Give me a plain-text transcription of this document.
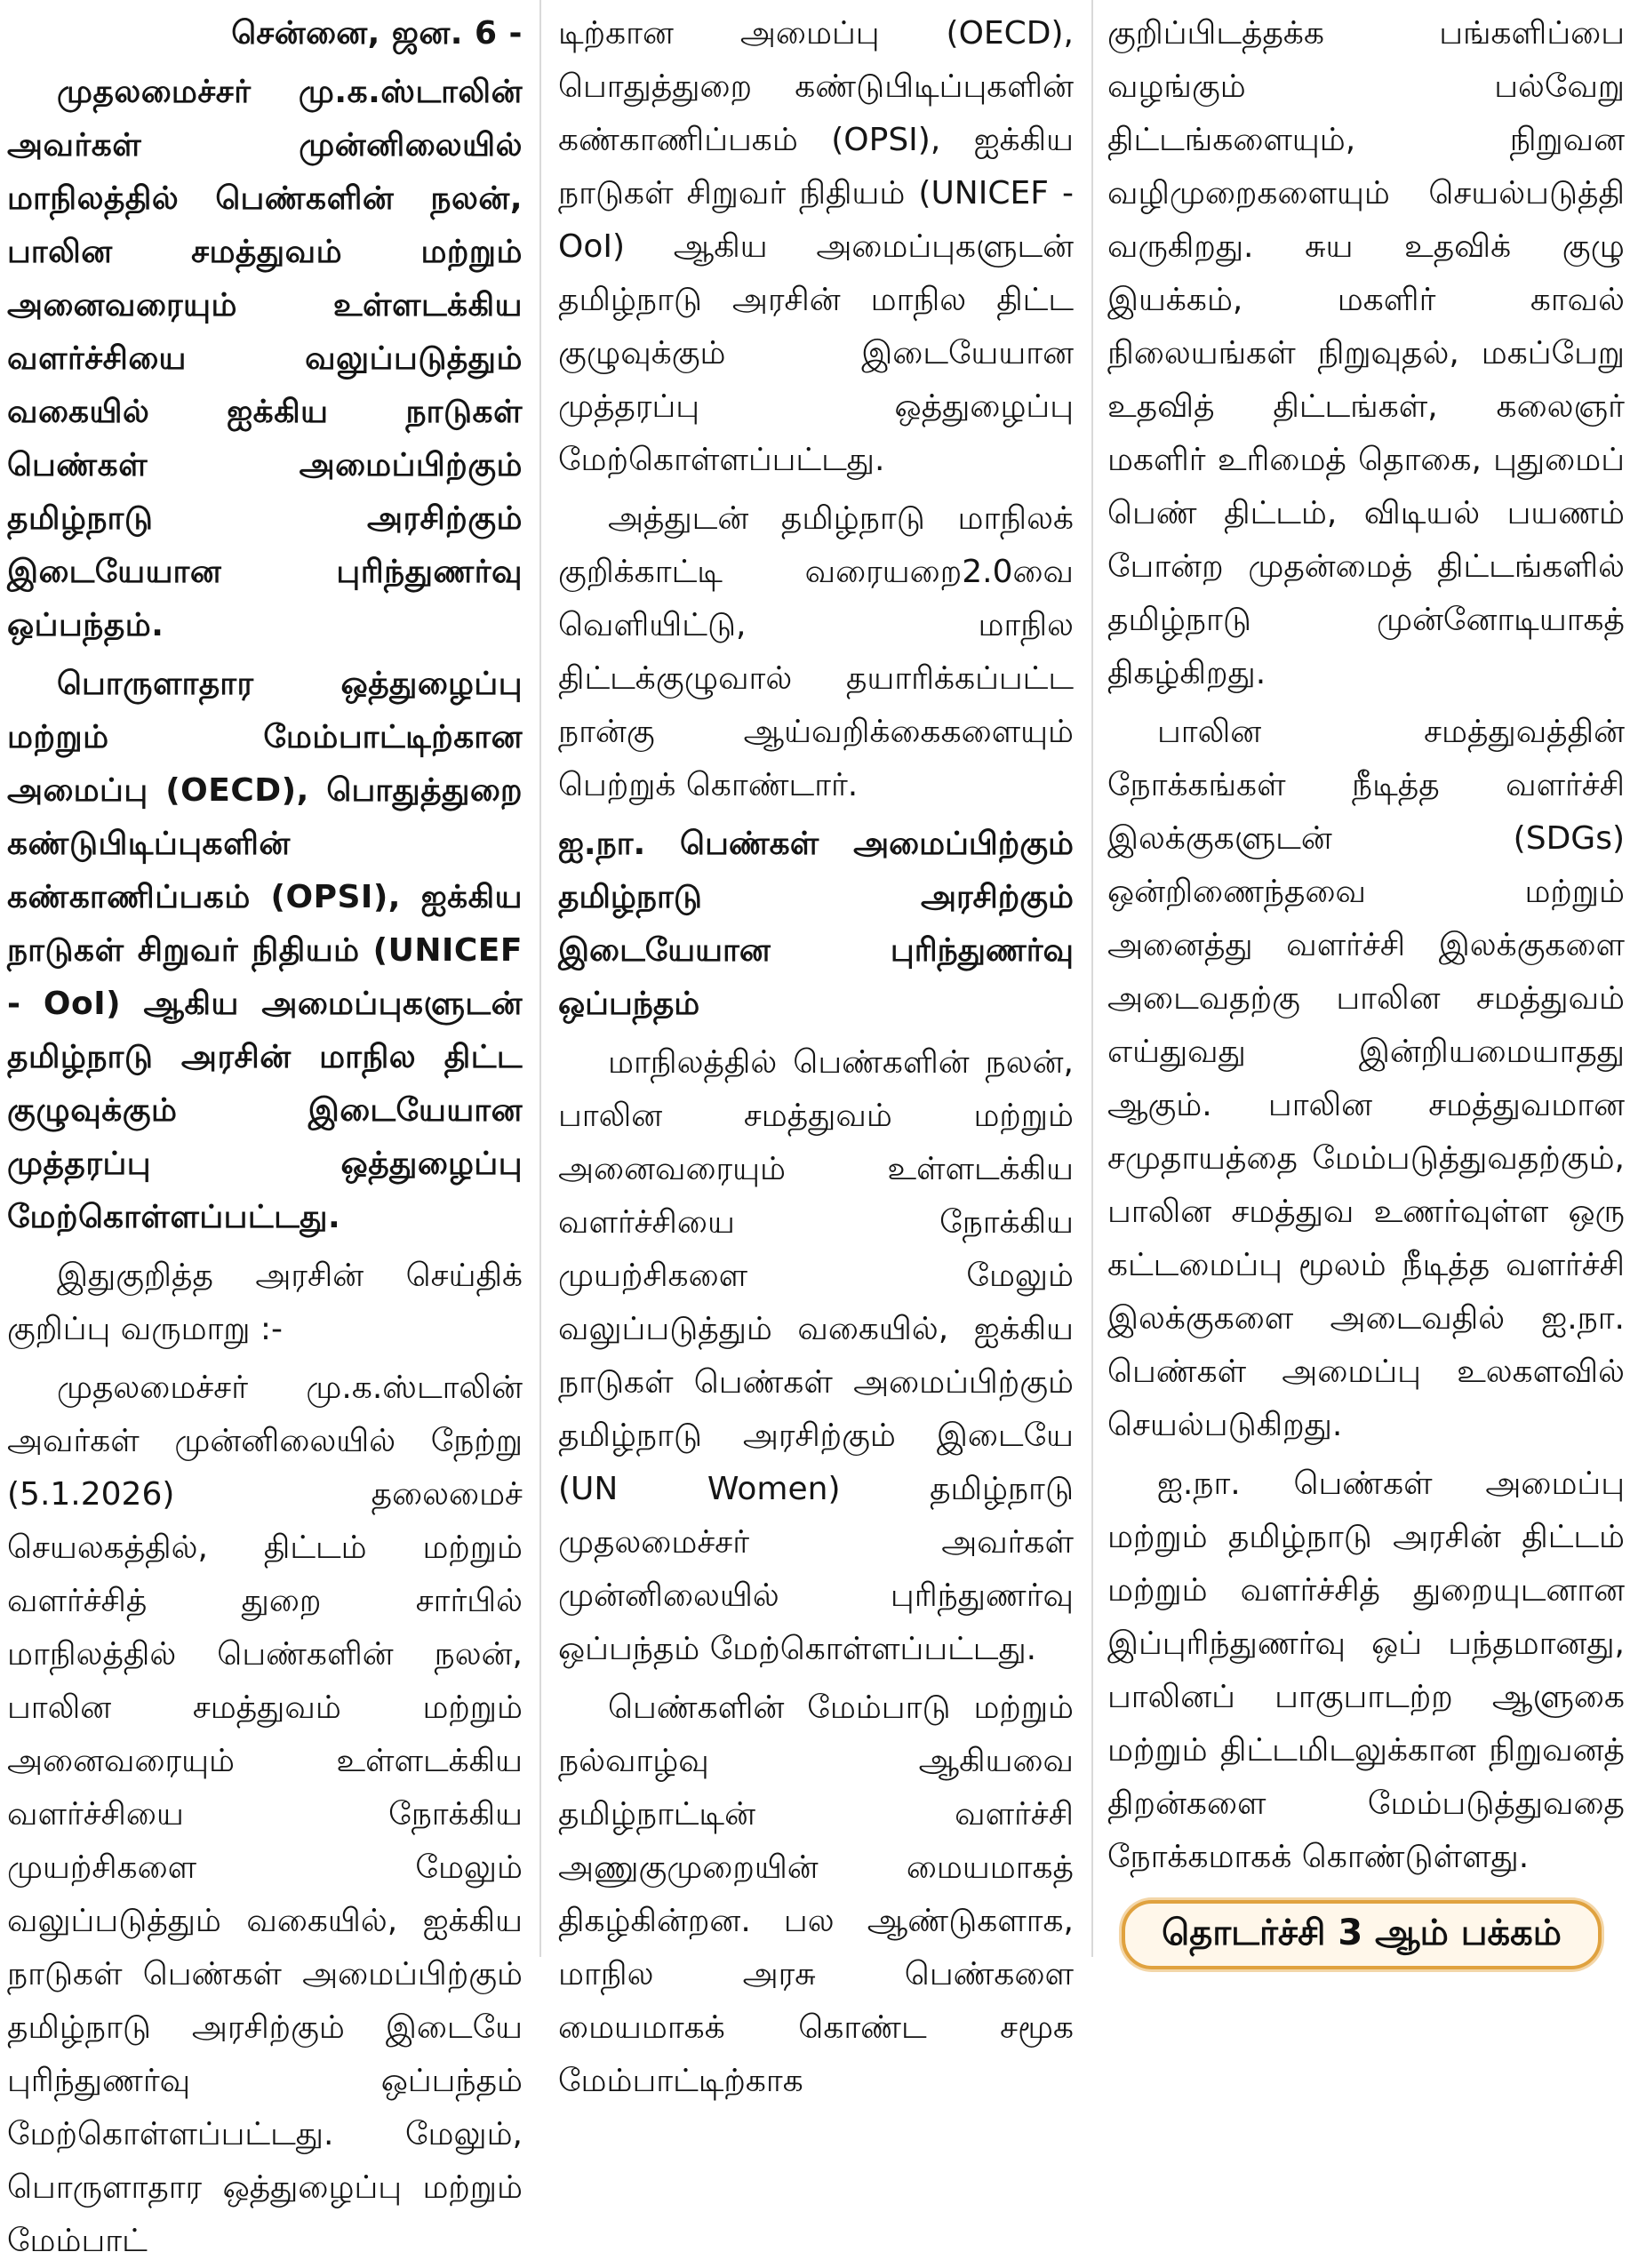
சென்னை, ஜன. 6 -

முதலமைச்சர் மு.க.ஸ்டாலின் அவர்கள் முன்னிலையில் மாநிலத்தில் பெண்களின் நலன், பாலின சமத்துவம் மற்றும் அனைவரையும் உள்ளடக்கிய வளர்ச்சியை வலுப்படுத்தும் வகையில் ஐக்கிய நாடுகள் பெண்கள் அமைப்பிற்கும் தமிழ்நாடு அரசிற்கும் இடையேயான புரிந்துணர்வு ஒப்பந்தம்.

பொருளாதார ஒத்துழைப்பு மற்றும் மேம்பாட்டிற்கான அமைப்பு (OECD), பொதுத்துறை கண்டுபிடிப்புகளின் கண்காணிப்பகம் (OPSI), ஐக்கிய நாடுகள் சிறுவர் நிதியம் (UNICEF - OoI) ஆகிய அமைப்புகளுடன் தமிழ்நாடு அரசின் மாநில திட்ட குழுவுக்கும் இடையேயான முத்தரப்பு ஒத்துழைப்பு மேற்கொள்ளப்பட்டது.

இதுகுறித்த அரசின் செய்திக் குறிப்பு வருமாறு :-

முதலமைச்சர் மு.க.ஸ்டாலின் அவர்கள் முன்னிலையில் நேற்று (5.1.2026) தலைமைச் செயலகத்தில், திட்டம் மற்றும் வளர்ச்சித் துறை சார்பில் மாநிலத்தில் பெண்களின் நலன், பாலின சமத்துவம் மற்றும் அனைவரையும் உள்ளடக்கிய வளர்ச்சியை நோக்கிய முயற்சிகளை மேலும் வலுப்படுத்தும் வகையில், ஐக்கிய நாடுகள் பெண்கள் அமைப்பிற்கும் தமிழ்நாடு அரசிற்கும் இடையே புரிந்துணர்வு ஒப்பந்தம் மேற்கொள்ளப்பட்டது. மேலும், பொருளாதார ஒத்துழைப்பு மற்றும் மேம்பாட்

டிற்கான அமைப்பு (OECD), பொதுத்துறை கண்டுபிடிப்புகளின் கண்காணிப்பகம் (OPSI), ஐக்கிய நாடுகள் சிறுவர் நிதியம் (UNICEF - OoI) ஆகிய அமைப்புகளுடன் தமிழ்நாடு அரசின் மாநில திட்ட குழுவுக்கும் இடையேயான முத்தரப்பு ஒத்துழைப்பு மேற்கொள்ளப்பட்டது.

அத்துடன் தமிழ்நாடு மாநிலக் குறிக்காட்டி வரையறை2.0வை வெளியிட்டு, மாநில திட்டக்குழுவால் தயாரிக்கப்பட்ட நான்கு ஆய்வறிக்கைகளையும் பெற்றுக் கொண்டார்.

ஐ.நா. பெண்கள் அமைப்பிற்கும் தமிழ்நாடு அரசிற்கும் இடையேயான புரிந்துணர்வு ஒப்பந்தம்

மாநிலத்தில் பெண்களின் நலன், பாலின சமத்துவம் மற்றும் அனைவரையும் உள்ளடக்கிய வளர்ச்சியை நோக்கிய முயற்சிகளை மேலும் வலுப்படுத்தும் வகையில், ஐக்கிய நாடுகள் பெண்கள் அமைப்பிற்கும் தமிழ்நாடு அரசிற்கும் இடையே (UN Women) தமிழ்நாடு முதலமைச்சர் அவர்கள் முன்னிலையில் புரிந்துணர்வு ஒப்பந்தம் மேற்கொள்ளப்பட்டது.

பெண்களின் மேம்பாடு மற்றும் நல்வாழ்வு ஆகியவை தமிழ்நாட்டின் வளர்ச்சி அணுகுமுறையின் மையமாகத் திகழ்கின்றன. பல ஆண்டுகளாக, மாநில அரசு பெண்களை மையமாகக் கொண்ட சமூக மேம்பாட்டிற்காக

குறிப்பிடத்தக்க பங்களிப்பை வழங்கும் பல்வேறு திட்டங்களையும், நிறுவன வழிமுறைகளையும் செயல்படுத்தி வருகிறது. சுய உதவிக் குழு இயக்கம், மகளிர் காவல் நிலையங்கள் நிறுவுதல், மகப்பேறு உதவித் திட்டங்கள், கலைஞர் மகளிர் உரிமைத் தொகை, புதுமைப் பெண் திட்டம், விடியல் பயணம் போன்ற முதன்மைத் திட்டங்களில் தமிழ்நாடு முன்னோடியாகத் திகழ்கிறது.

பாலின சமத்துவத்தின் நோக்கங்கள் நீடித்த வளர்ச்சி இலக்குகளுடன் (SDGs) ஒன்றிணைந்தவை மற்றும் அனைத்து வளர்ச்சி இலக்குகளை அடைவதற்கு பாலின சமத்துவம் எய்துவது இன்றியமையாதது ஆகும். பாலின சமத்துவமான சமுதாயத்தை மேம்படுத்துவதற்கும், பாலின சமத்துவ உணர்வுள்ள ஒரு கட்டமைப்பு மூலம் நீடித்த வளர்ச்சி இலக்குகளை அடைவதில் ஐ.நா. பெண்கள் அமைப்பு உலகளவில் செயல்படுகிறது.

ஐ.நா. பெண்கள் அமைப்பு மற்றும் தமிழ்நாடு அரசின் திட்டம் மற்றும் வளர்ச்சித் துறையுடனான இப்புரிந்துணர்வு ஒப் பந்தமானது, பாலினப் பாகுபாடற்ற ஆளுகை மற்றும் திட்டமிடலுக்கான நிறுவனத் திறன்களை மேம்படுத்துவதை நோக்கமாகக் கொண்டுள்ளது.

தொடர்ச்சி 3 ஆம் பக்கம்
